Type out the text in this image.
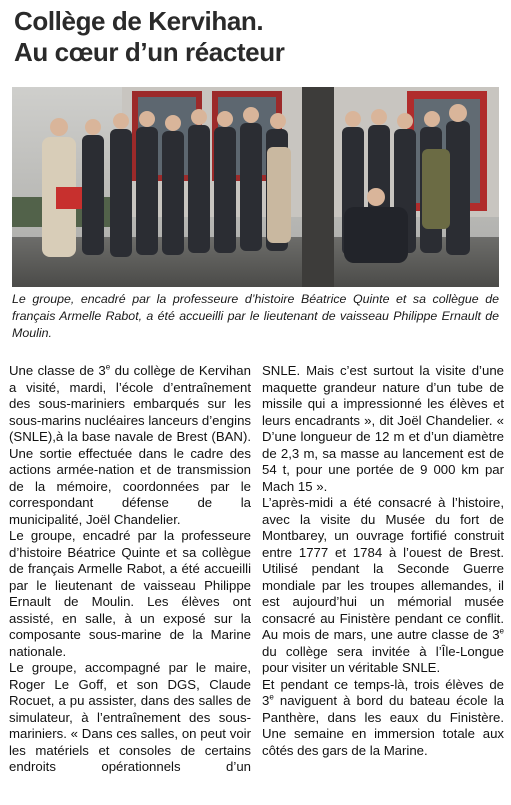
Collège de Kervihan.
Au cœur d’un réacteur

Le groupe, encadré par la professeure d’histoire Béatrice Quinte et sa collègue de français Armelle Rabot, a été accueilli par le lieutenant de vaisseau Philippe Ernault de Moulin.

Une classe de 3e du collège de Kervihan a visité, mardi, l’école d’entraînement des sous-mariniers embarqués sur les sous-marins nucléaires lanceurs d’engins (SNLE),à la base navale de Brest (BAN). Une sortie effectuée dans le cadre des actions armée-nation et de transmission de la mémoire, coordonnées par le correspondant défense de la municipalité, Joël Chandelier.

Le groupe, encadré par la professeure d’histoire Béatrice Quinte et sa collègue de français Armelle Rabot, a été accueilli par le lieutenant de vaisseau Philippe Ernault de Moulin. Les élèves ont assisté, en salle, à un exposé sur la composante sous-marine de la Marine nationale.

Le groupe, accompagné par le maire, Roger Le Goff, et son DGS, Claude Rocuet, a pu assister, dans des salles de simulateur, à l’entraînement des sous-mariniers. « Dans ces salles, on peut voir les matériels et consoles de certains endroits opérationnels d’un

SNLE. Mais c’est surtout la visite d’une maquette grandeur nature d’un tube de missile qui a impressionné les élèves et leurs encadrants », dit Joël Chandelier. « D’une longueur de 12 m et d’un diamètre de 2,3 m, sa masse au lancement est de 54 t, pour une portée de 9 000 km par Mach 15 ».

L’après-midi a été consacré à l’histoire, avec la visite du Musée du fort de Montbarey, un ouvrage fortifié construit entre 1777 et 1784 à l’ouest de Brest. Utilisé pendant la Seconde Guerre mondiale par les troupes allemandes, il est aujourd’hui un mémorial musée consacré au Finistère pendant ce conflit. Au mois de mars, une autre classe de 3e du collège sera invitée à l’Île-Longue pour visiter un véritable SNLE.

Et pendant ce temps-là, trois élèves de 3e naviguent à bord du bateau école la Panthère, dans les eaux du Finistère. Une semaine en immersion totale aux côtés des gars de la Marine.
